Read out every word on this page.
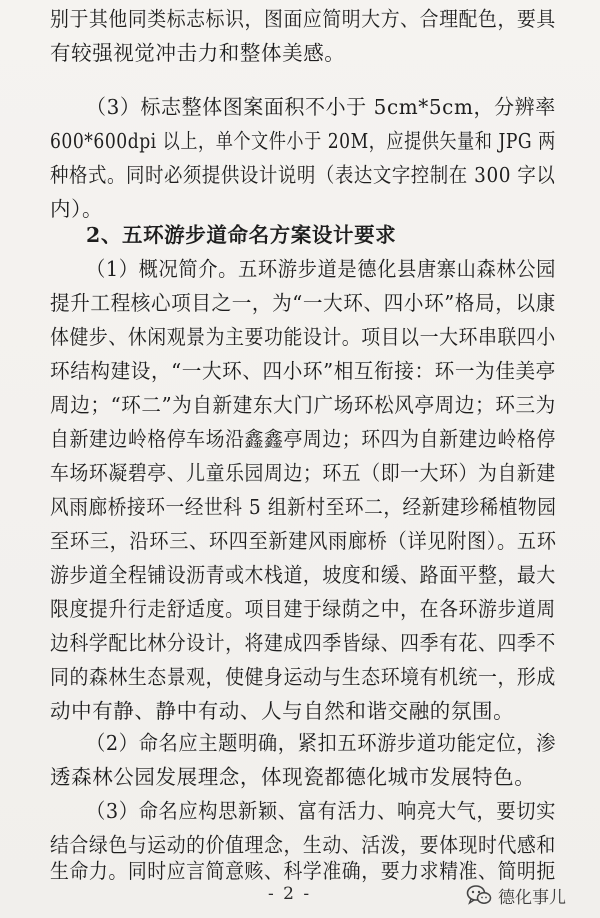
别于其他同类标志标识，图面应简明大方、合理配色，要具
有较强视觉冲击力和整体美感。
（3）标志整体图案面积不小于 5cm*5cm，分辨率
600*600dpi 以上，单个文件小于 20M，应提供矢量和 JPG 两
种格式。同时必须提供设计说明（表达文字控制在 300 字以
内）。
2、五环游步道命名方案设计要求
（1）概况简介。五环游步道是德化县唐寨山森林公园
提升工程核心项目之一，为“一大环、四小环”格局，以康
体健步、休闲观景为主要功能设计。项目以一大环串联四小
环结构建设，“一大环、四小环”相互衔接：环一为佳美亭
周边；“环二”为自新建东大门广场环松风亭周边；环三为
自新建边岭格停车场沿鑫鑫亭周边；环四为自新建边岭格停
车场环凝碧亭、儿童乐园周边；环五（即一大环）为自新建
风雨廊桥接环一经世科 5 组新村至环二，经新建珍稀植物园
至环三，沿环三、环四至新建风雨廊桥（详见附图）。五环
游步道全程铺设沥青或木栈道，坡度和缓、路面平整，最大
限度提升行走舒适度。项目建于绿荫之中，在各环游步道周
边科学配比林分设计，将建成四季皆绿、四季有花、四季不
同的森林生态景观，使健身运动与生态环境有机统一，形成
动中有静、静中有动、人与自然和谐交融的氛围。
（2）命名应主题明确，紧扣五环游步道功能定位，渗
透森林公园发展理念，体现瓷都德化城市发展特色。
（3）命名应构思新颖、富有活力、响亮大气，要切实
结合绿色与运动的价值理念，生动、活泼，要体现时代感和
生命力。同时应言简意赅、科学准确，要力求精准、简明扼
- 2 -	德化事儿
